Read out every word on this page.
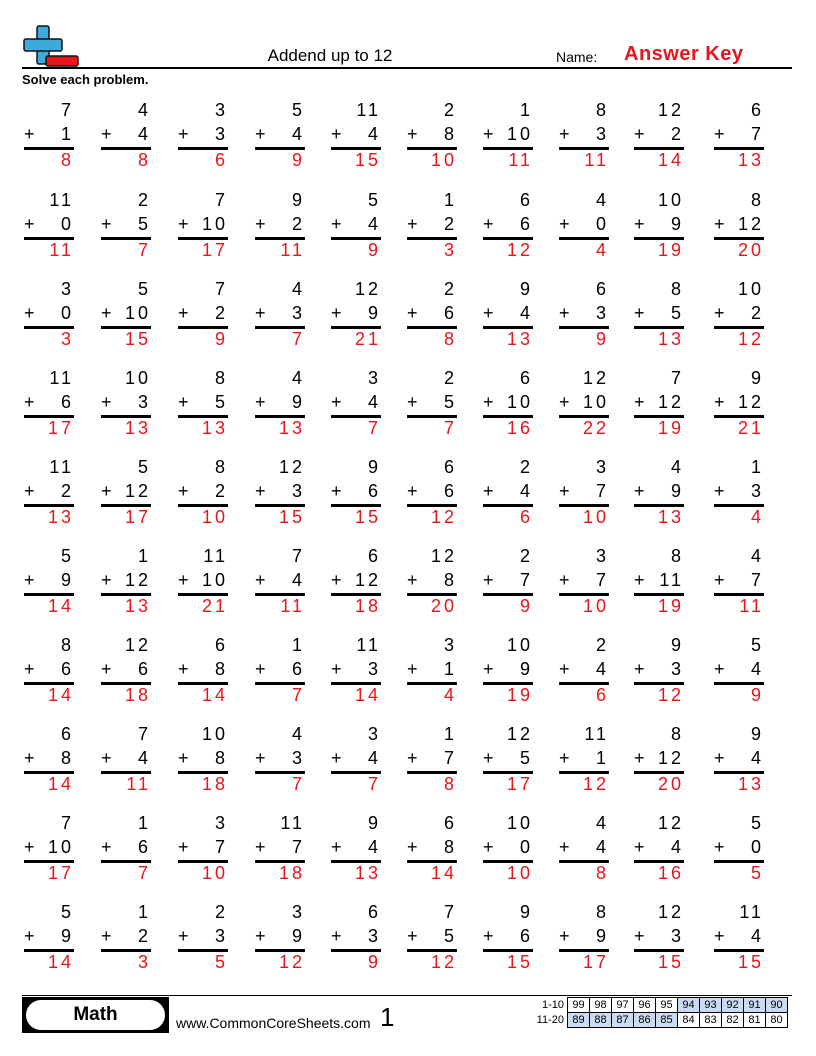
Addend up to 12	Name: Answer Key
Solve each problem.
7
+ 1
8
4
+ 4
8
3
+ 3
6
5
+ 4
9
11
+ 4
15
2
+ 8
10
1
+ 10
11
8
+ 3
11
12
+ 2
14
6
+ 7
13
11
+ 0
11
2
+ 5
7
7
+ 10
17
9
+ 2
11
5
+ 4
9
1
+ 2
3
6
+ 6
12
4
+ 0
4
10
+ 9
19
8
+ 12
20
3
+ 0
3
5
+ 10
15
7
+ 2
9
4
+ 3
7
12
+ 9
21
2
+ 6
8
9
+ 4
13
6
+ 3
9
8
+ 5
13
10
+ 2
12
11
+ 6
17
10
+ 3
13
8
+ 5
13
4
+ 9
13
3
+ 4
7
2
+ 5
7
6
+ 10
16
12
+ 10
22
7
+ 12
19
9
+ 12
21
11
+ 2
13
5
+ 12
17
8
+ 2
10
12
+ 3
15
9
+ 6
15
6
+ 6
12
2
+ 4
6
3
+ 7
10
4
+ 9
13
1
+ 3
4
5
+ 9
14
1
+ 12
13
11
+ 10
21
7
+ 4
11
6
+ 12
18
12
+ 8
20
2
+ 7
9
3
+ 7
10
8
+ 11
19
4
+ 7
11
8
+ 6
14
12
+ 6
18
6
+ 8
14
1
+ 6
7
11
+ 3
14
3
+ 1
4
10
+ 9
19
2
+ 4
6
9
+ 3
12
5
+ 4
9
6
+ 8
14
7
+ 4
11
10
+ 8
18
4
+ 3
7
3
+ 4
7
1
+ 7
8
12
+ 5
17
11
+ 1
12
8
+ 12
20
9
+ 4
13
7
+ 10
17
1
+ 6
7
3
+ 7
10
11
+ 7
18
9
+ 4
13
6
+ 8
14
10
+ 0
10
4
+ 4
8
12
+ 4
16
5
+ 0
5
5
+ 9
14
1
+ 2
3
2
+ 3
5
3
+ 9
12
6
+ 3
9
7
+ 5
12
9
+ 6
15
8
+ 9
17
12
+ 3
15
11
+ 4
15
Math	www.CommonCoreSheets.com 1	1-10	99	98	97	96	95	94	93	92	91	90
11-20	89	88	87	86	85	84	83	82	81	80
